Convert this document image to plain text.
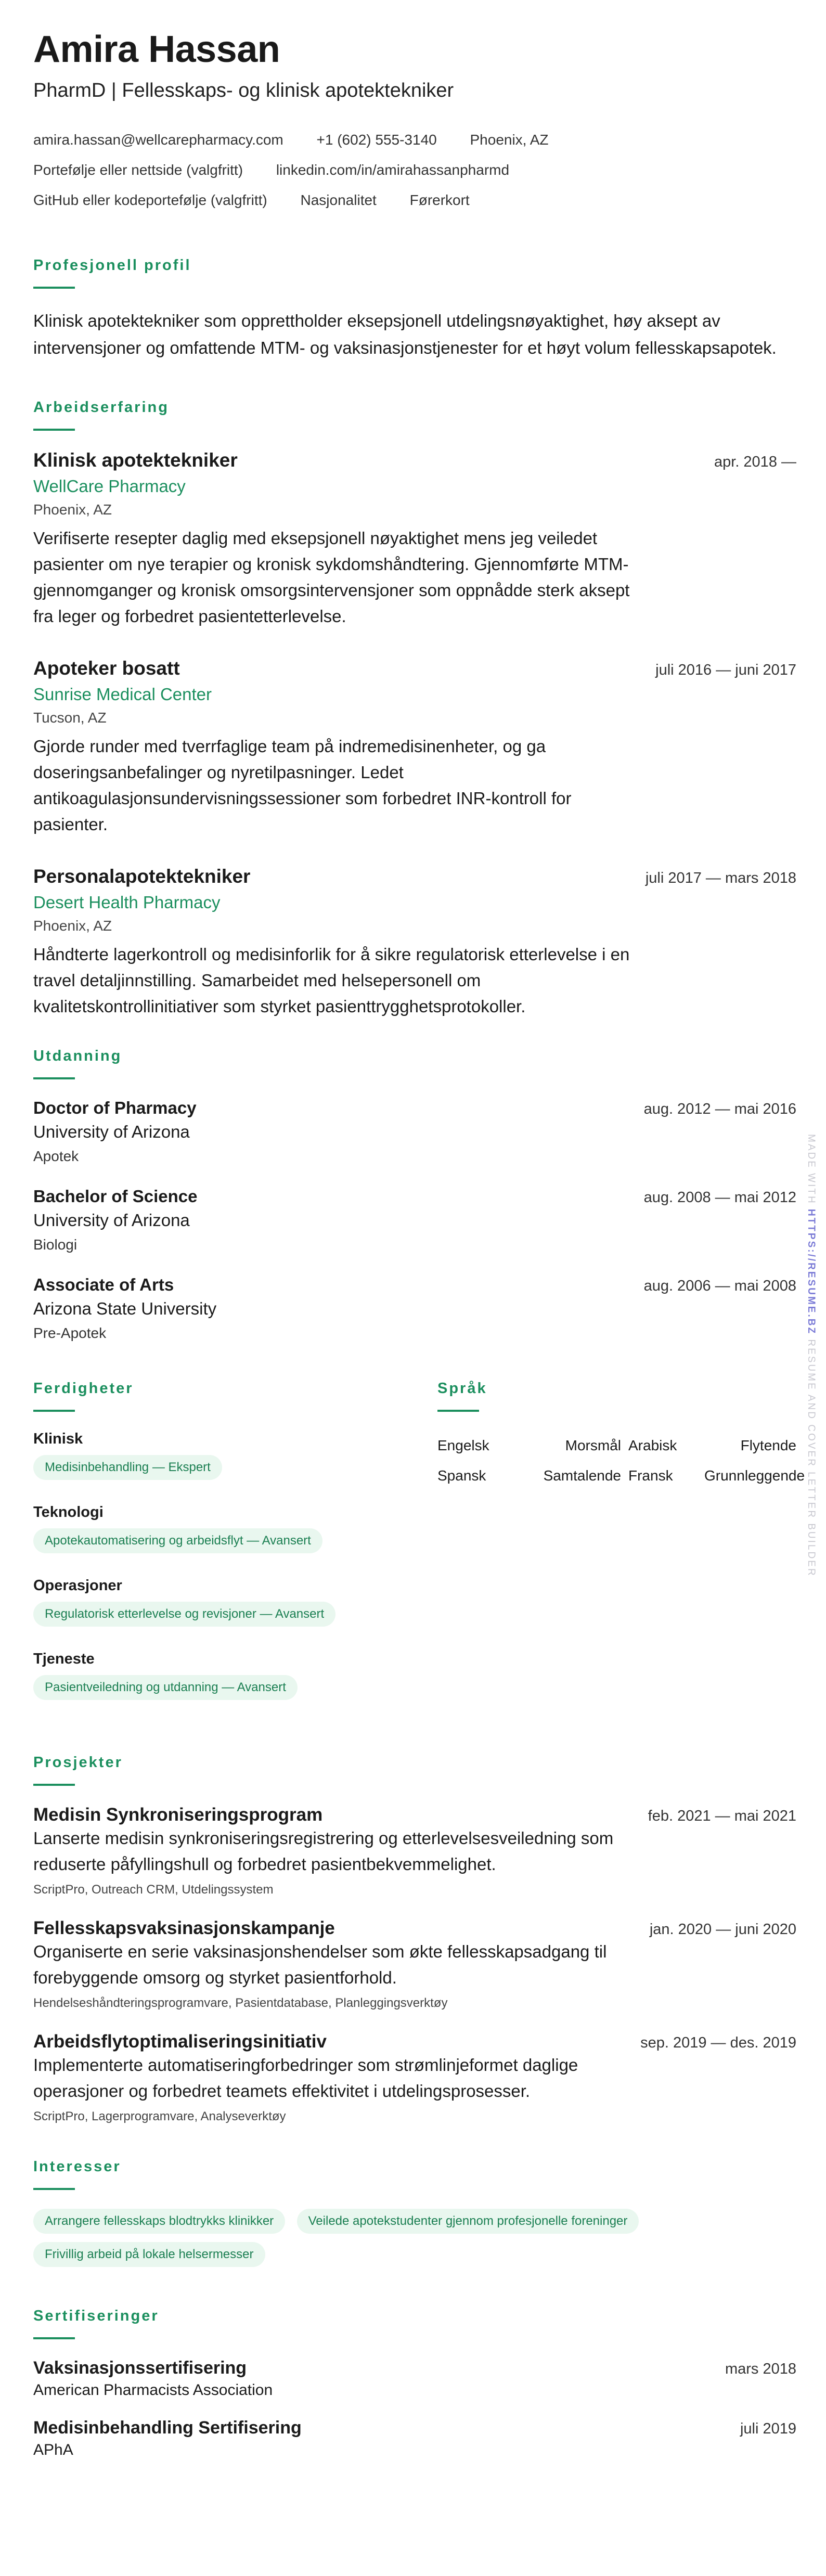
Amira Hassan
PharmD | Fellesskaps- og klinisk apotektekniker
amira.hassan@wellcarepharmacy.com +1 (602) 555-3140 Phoenix, AZ
Portefølje eller nettside (valgfritt) linkedin.com/in/amirahassanpharmd
GitHub eller kodeportefølje (valgfritt) Nasjonalitet Førerkort
Profesjonell profil
Klinisk apotektekniker som opprettholder eksepsjonell utdelingsnøyaktighet, høy aksept av intervensjoner og omfattende MTM- og vaksinasjonstjenester for et høyt volum fellesskapsapotek.
Arbeidserfaring
Klinisk apotektekniker	apr. 2018 —
WellCare Pharmacy
Phoenix, AZ
Verifiserte resepter daglig med eksepsjonell nøyaktighet mens jeg veiledet pasienter om nye terapier og kronisk sykdomshåndtering. Gjennomførte MTM-gjennomganger og kronisk omsorgsintervensjoner som oppnådde sterk aksept fra leger og forbedret pasientetterlevelse.
Apoteker bosatt	juli 2016 — juni 2017
Sunrise Medical Center
Tucson, AZ
Gjorde runder med tverrfaglige team på indremedisinenheter, og ga doseringsanbefalinger og nyretilpasninger. Ledet antikoagulasjonsundervisningssessioner som forbedret INR-kontroll for pasienter.
Personalapotektekniker	juli 2017 — mars 2018
Desert Health Pharmacy
Phoenix, AZ
Håndterte lagerkontroll og medisinforlik for å sikre regulatorisk etterlevelse i en travel detaljinnstilling. Samarbeidet med helsepersonell om kvalitetskontrollinitiativer som styrket pasienttrygghetsprotokoller.
Utdanning
Doctor of Pharmacy	aug. 2012 — mai 2016
University of Arizona
Apotek
Bachelor of Science	aug. 2008 — mai 2012
University of Arizona
Biologi
Associate of Arts	aug. 2006 — mai 2008
Arizona State University
Pre-Apotek
Ferdigheter
Klinisk
Medisinbehandling — Ekspert
Teknologi
Apotekautomatisering og arbeidsflyt — Avansert
Operasjoner
Regulatorisk etterlevelse og revisjoner — Avansert
Tjeneste
Pasientveiledning og utdanning — Avansert
Språk
Engelsk	Morsmål Arabisk	Flytende
Spansk	Samtalende Fransk	Grunnleggende
Prosjekter
Medisin Synkroniseringsprogram	feb. 2021 — mai 2021
Lanserte medisin synkroniseringsregistrering og etterlevelsesveiledning som reduserte påfyllingshull og forbedret pasientbekvemmelighet.
ScriptPro, Outreach CRM, Utdelingssystem
Fellesskapsvaksinasjonskampanje	jan. 2020 — juni 2020
Organiserte en serie vaksinasjonshendelser som økte fellesskapsadgang til forebyggende omsorg og styrket pasientforhold.
Hendelseshåndteringsprogramvare, Pasientdatabase, Planleggingsverktøy
Arbeidsflytoptimaliseringsinitiativ	sep. 2019 — des. 2019
Implementerte automatiseringforbedringer som strømlinjeformet daglige operasjoner og forbedret teamets effektivitet i utdelingsprosesser.
ScriptPro, Lagerprogramvare, Analyseverktøy
Interesser
Arrangere fellesskaps blodtrykks klinikker	Veilede apotekstudenter gjennom profesjonelle foreninger
Frivillig arbeid på lokale helsermesser
Sertifiseringer
Vaksinasjonssertifisering	mars 2018
American Pharmacists Association
Medisinbehandling Sertifisering	juli 2019
APhA
MADE WITH HTTPS://RESUME.BZ RESUME AND COVER LETTER BUILDER
